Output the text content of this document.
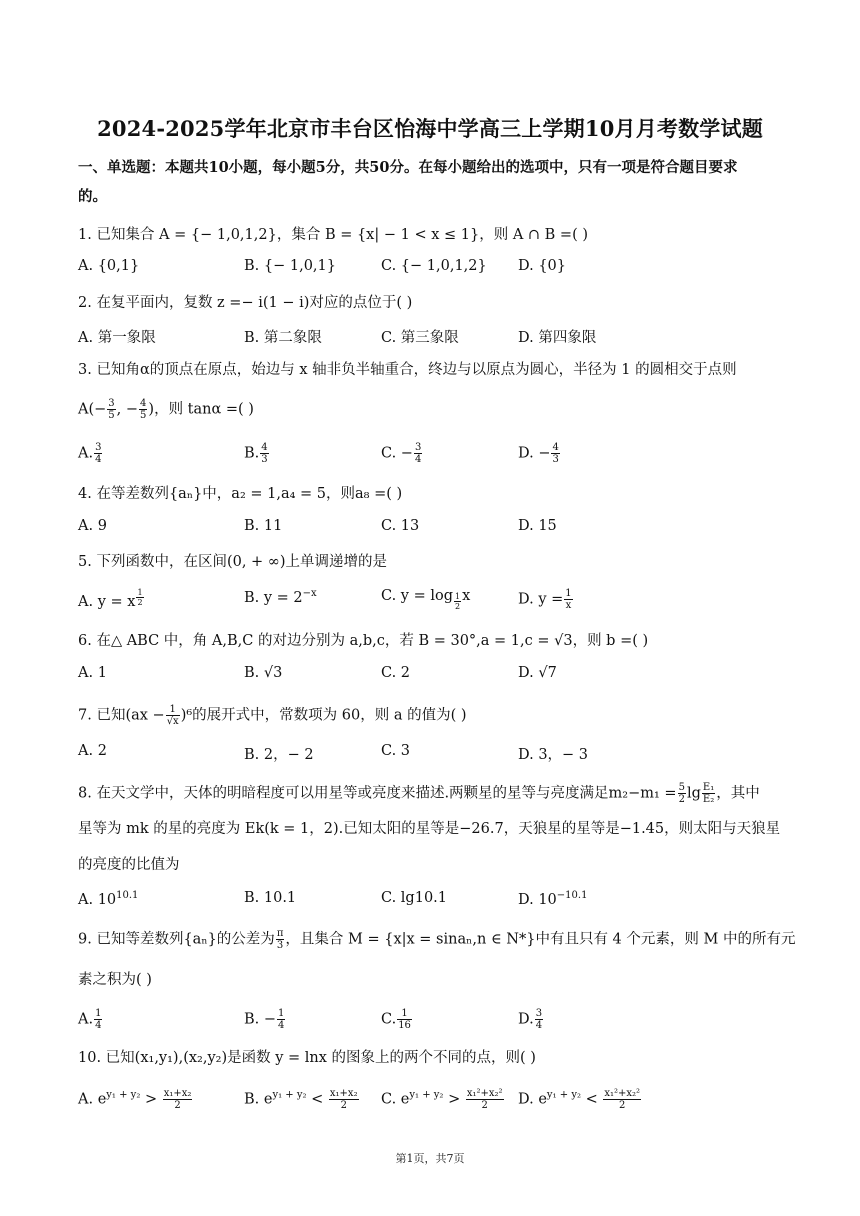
2024-2025学年北京市丰台区怡海中学高三上学期10月月考数学试题
一、单选题：本题共10小题，每小题5分，共50分。在每小题给出的选项中，只有一项是符合题目要求
的。
1. 已知集合 A = {− 1,0,1,2}，集合 B = {x| − 1 < x ≤ 1}，则 A ∩ B =( )
A. {0,1}	B. {− 1,0,1}	C. {− 1,0,1,2} D. {0}
2. 在复平面内，复数 z =− i(1 − i)对应的点位于( )
A. 第一象限	B. 第二象限	C. 第三象限	D. 第四象限
3. 已知角α的顶点在原点，始边与 x 轴非负半轴重合，终边与以原点为圆心，半径为 1 的圆相交于点则
$A(- \frac{3}{5}$ , − $\frac{4}{5}$ )，则 tanα =( )
A. $\frac{3}{4}$	B. $\frac{4}{3}$	C. − $\frac{3}{4}$	D. − $\frac{4}{3}$
4. 在等差数列{aₙ}中，a₂ = 1,a₄ = 5，则a₈ =( )
A. 9	B. 11	C. 13	D. 15
5. 下列函数中，在区间(0, + ∞)上单调递增的是
A. y = x $^{\frac{1}{2}}$	B. $y = 2^{-x}$	C. y = log $_{\frac{1}{2}}$ x	D. $y = \frac{1}{x}$
6. 在△ ABC 中，角 A,B,C 的对边分别为 a,b,c，若 B = 30°,a = 1,c = √3，则 b =( )
A. 1	B. √3	C. 2	D. √7
7. 已知$(ax - \frac{1}{√x} )^6$的展开式中，常数项为 60，则 a 的值为( )
A. 2	B. 2，− 2	C. 3	D. 3，− 3
8. 在天文学中，天体的明暗程度可以用星等或亮度来描述.两颗星的星等与亮度满足$m_2-m_1 = \frac{5}{2}$ $\lg \frac{\text{E₁}}{\text{E₂}}$ ，其中
星等为 mk 的星的亮度为 Ek(k = 1，2).已知太阳的星等是−26.7，天狼星的星等是−1.45，则太阳与天狼星
的亮度的比值为
A. $10^{10.1}$	B. 10.1	C. lg10.1	D. $10^{-10.1}$
9. 已知等差数列{aₙ}的公差为 $\frac{\pi}{3}$ ，且集合 M = {x|x = sinaₙ,n ∈ N*}中有且只有 4 个元素，则 M 中的所有元
素之积为( )
A. $\frac{1}{4}$	B. − $\frac{1}{4}$	C. $\frac{1}{16}$	D. $\frac{3}{4}$
10. 已知(x₁,y₁),(x₂,y₂)是函数 y = lnx 的图象上的两个不同的点，则( )
A. $e^{y_1 + y_2} > \frac{\text{x₁+x₂}}{2}$	B. $e^{y_1 + y_2} < \frac{\text{x₁+x₂}}{2} C$. $e^{y_1 + y_2} > \frac{\text{x₁²+x₂²}}{2} D$. $e^{y_1 + y_2} < \frac{\text{x₁²+x₂²}}{2}$
第1页，共7页
